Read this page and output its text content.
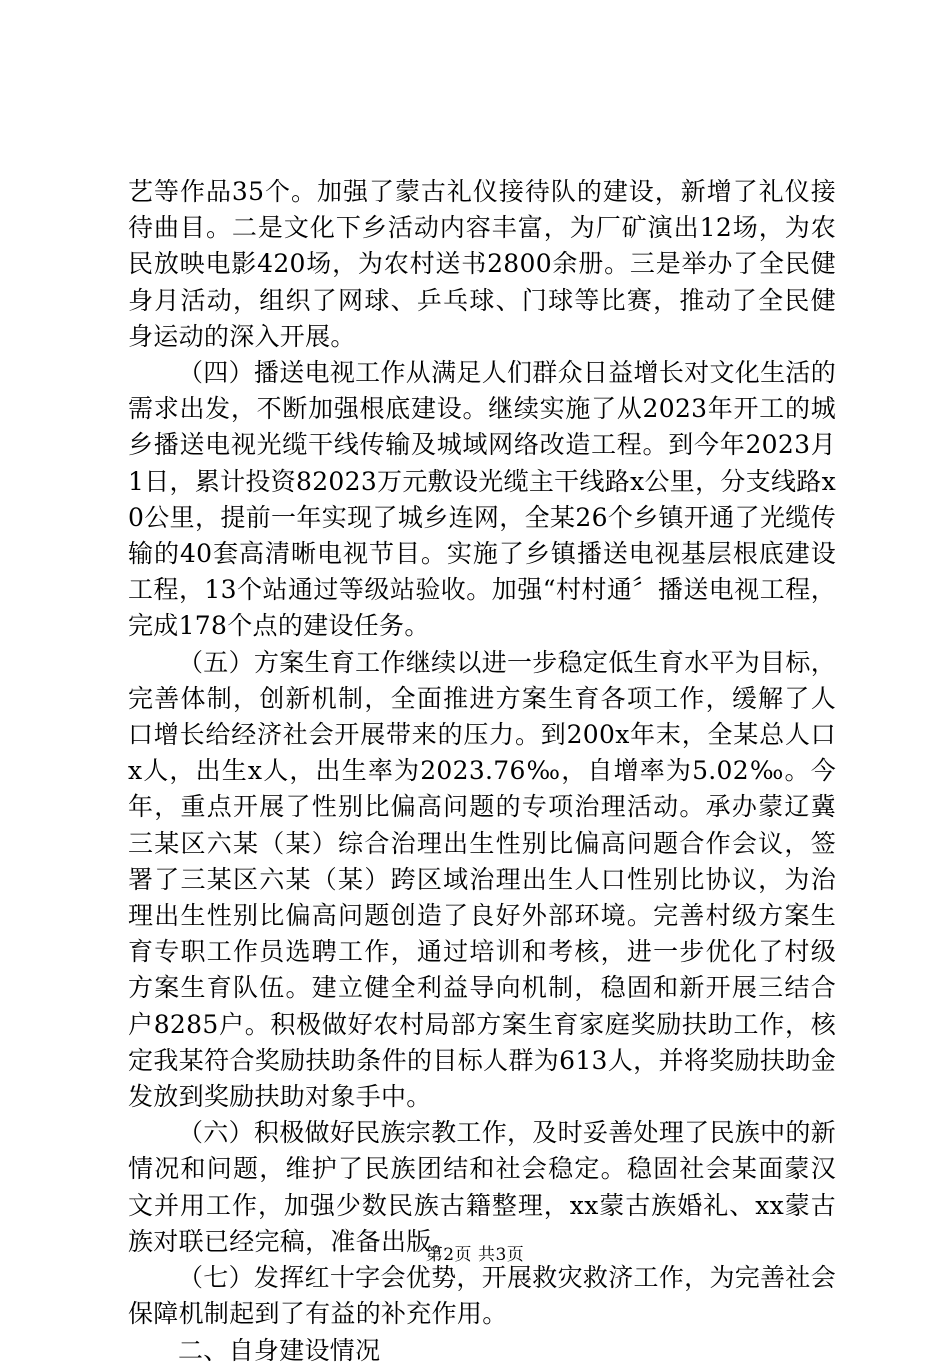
艺等作品35个。加强了蒙古礼仪接待队的建设，新增了礼仪接待曲目。二是文化下乡活动内容丰富，为厂矿演出12场，为农民放映电影420场，为农村送书2800余册。三是举办了全民健身月活动，组织了网球、乒乓球、门球等比赛，推动了全民健身运动的深入开展。

（四）播送电视工作从满足人们群众日益增长对文化生活的需求出发，不断加强根底建设。继续实施了从2023年开工的城乡播送电视光缆干线传输及城域网络改造工程。到今年2023月1日，累计投资82023万元敷设光缆主干线路x公里，分支线路x0公里，提前一年实现了城乡连网，全某26个乡镇开通了光缆传输的40套高清晰电视节目。实施了乡镇播送电视基层根底建设工程，13个站通过等级站验收。加强“村村通〞播送电视工程，完成178个点的建设任务。

（五）方案生育工作继续以进一步稳定低生育水平为目标，完善体制，创新机制，全面推进方案生育各项工作，缓解了人口增长给经济社会开展带来的压力。到200x年末，全某总人口x人，出生x人，出生率为2023.76‰，自增率为5.02‰。今年，重点开展了性别比偏高问题的专项治理活动。承办蒙辽冀三某区六某（某）综合治理出生性别比偏高问题合作会议，签署了三某区六某（某）跨区域治理出生人口性别比协议，为治理出生性别比偏高问题创造了良好外部环境。完善村级方案生育专职工作员选聘工作，通过培训和考核，进一步优化了村级方案生育队伍。建立健全利益导向机制，稳固和新开展三结合户8285户。积极做好农村局部方案生育家庭奖励扶助工作，核定我某符合奖励扶助条件的目标人群为613人，并将奖励扶助金发放到奖励扶助对象手中。

（六）积极做好民族宗教工作，及时妥善处理了民族中的新情况和问题，维护了民族团结和社会稳定。稳固社会某面蒙汉文并用工作，加强少数民族古籍整理，xx蒙古族婚礼、xx蒙古族对联已经完稿，准备出版。

（七）发挥红十字会优势，开展救灾救济工作，为完善社会保障机制起到了有益的补充作用。

二、自身建设情况

第2页 共3页
